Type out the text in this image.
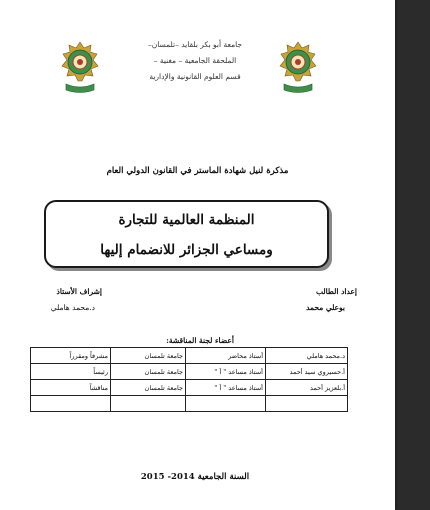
جامعة أبو بكر بلقايد –تلمسان–
الملحقة الجامعية – مغنية –
قسم العلوم القانونية والإدارية
مذكرة لنيل شهادة الماستر في القانون الدولي العام
المنظمة العالمية للتجارة
ومساعي الجزائر للانضمام إليها
إعداد الطالب
بوعلي محمد
إشراف الأستاذ
د.محمد هاملي
أعضاء لجنة المناقشة:
د.محمد هاملي	أستاذ محاضر	جامعة تلمسان	مشرفاً ومقرراً
أ.حسيروي سيد أحمد	أستاذ مساعد " أ "	جامعة تلمسان	رئيساً
أ.بلعزيز أحمد	أستاذ مساعد " أ "	جامعة تلمسان	مناقشاً

السنة الجامعية 2014- 2015
